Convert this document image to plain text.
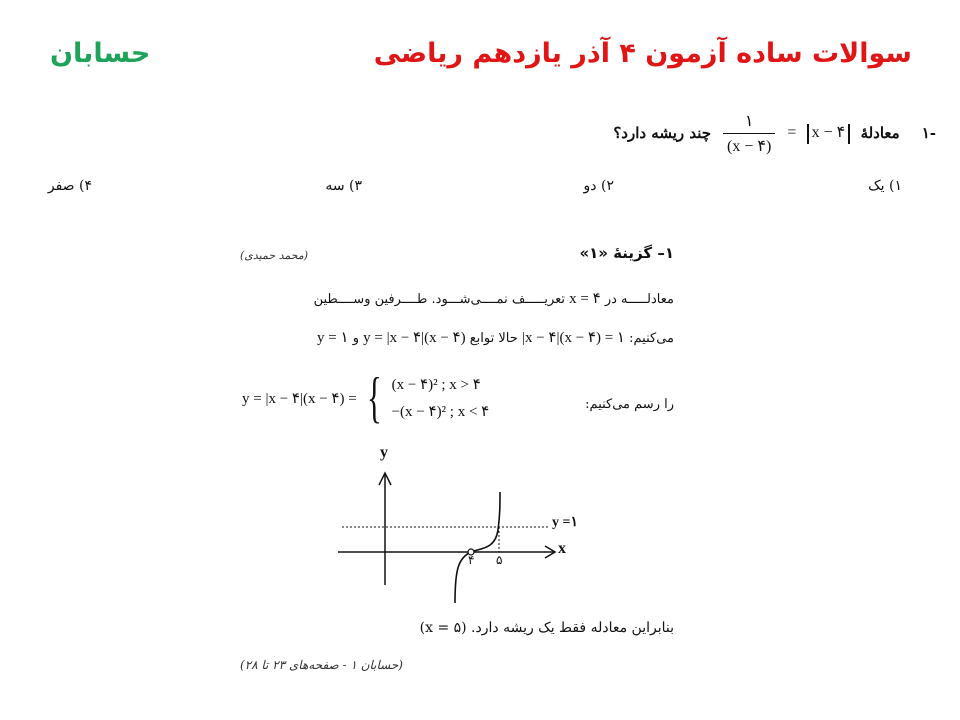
سوالات ساده آزمون ۴ آذر یازدهم ریاضی
حسابان
۱-
معادلهٔ
x − ۴
=
$\frac{۱}{(x - ۴)}$
چند ریشه دارد؟
۱) یک
۲) دو
۳) سه
۴) صفر
۱– گزینهٔ «۱»
(محمد حمیدی)
معادلـــــه در x = ۴ تعریـــــف نمــــی‌شـــود. طــــرفین وســــطین
می‌کنیم: |x − ۴|(x − ۴) = ۱ حالا توابع y = |x − ۴|(x − ۴) و y = ۱
را رسم می‌کنیم:
y = |x − ۴|(x − ۴) = { (x − ۴)² ; x > ۴
−(x − ۴)² ; x < ۴
y
x
y =۱
۴ ۵
بنابراین معادله فقط یک ریشه دارد. (x = ۵)
(حسابان ۱ - صفحه‌های ۲۳ تا ۲۸)
